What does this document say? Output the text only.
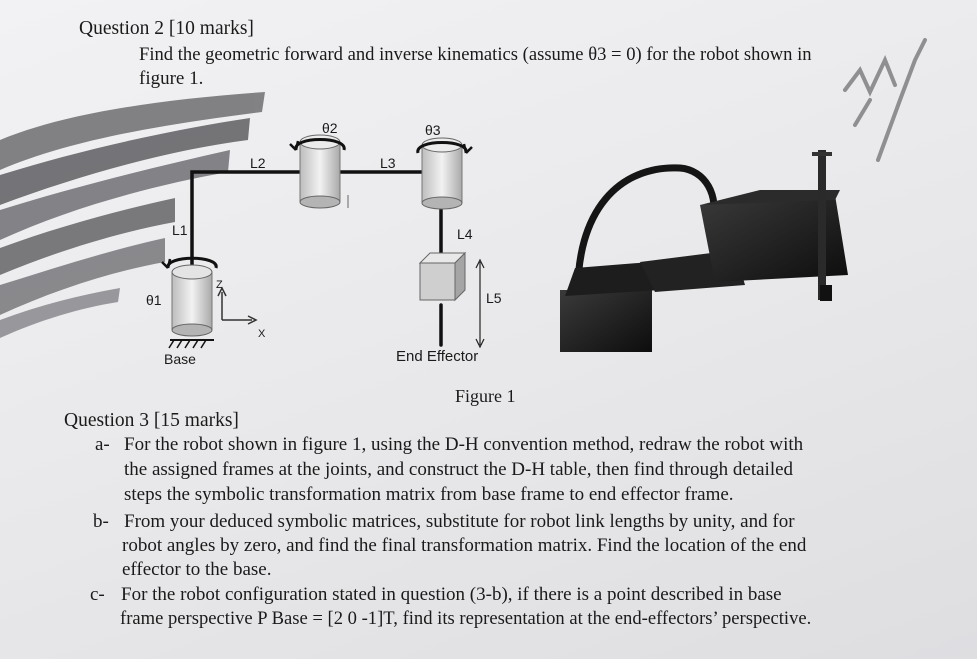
Question 2 [10 marks]
Find the geometric forward and inverse kinematics (assume θ3 = 0) for the robot shown in
figure 1.
θ2	θ3
L2	L3
L1	L4
L5
θ1
Z
X
Base	End Effector
Figure 1
Question 3 [15 marks]
a- For the robot shown in figure 1, using the D-H convention method, redraw the robot with
the assigned frames at the joints, and construct the D-H table, then find through detailed
steps the symbolic transformation matrix from base frame to end effector frame.
b- From your deduced symbolic matrices, substitute for robot link lengths by unity, and for
robot angles by zero, and find the final transformation matrix. Find the location of the end
effector to the base.
c- For the robot configuration stated in question (3-b), if there is a point described in base
frame perspective P Base = [2 0 -1]T, find its representation at the end-effectors’ perspective.
